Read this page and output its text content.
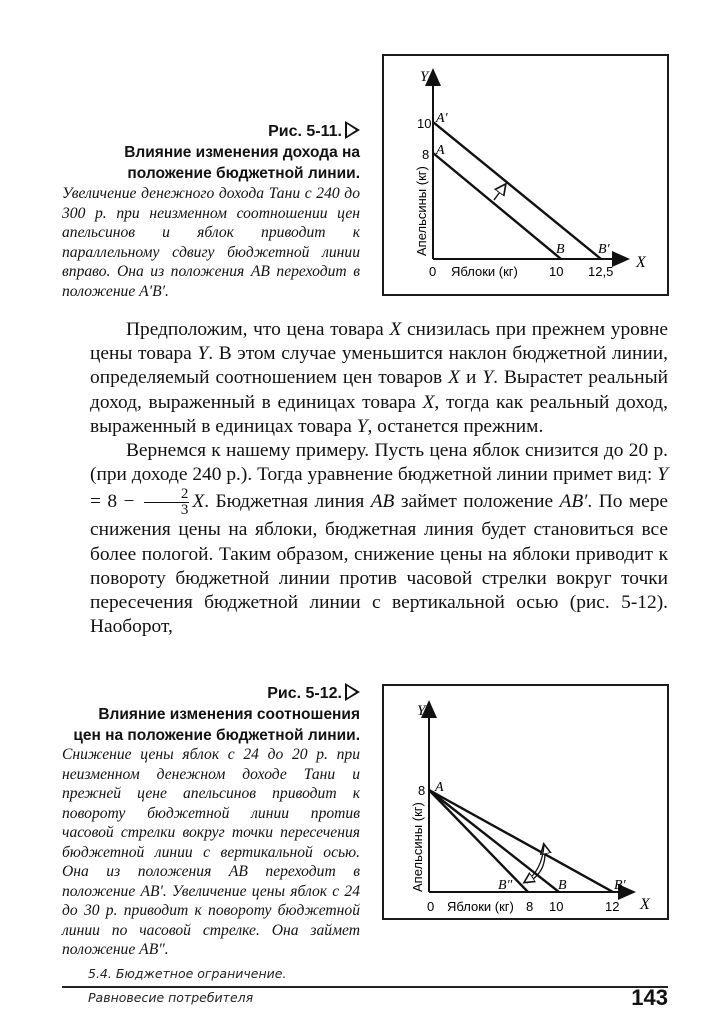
Рис. 5-11.
Влияние изменения дохода на
положение бюджетной линии.
Увеличение денежного дохода Тани с 240 до 300 р. при неизменном соотношении цен апельсинов и яблок приводит к параллельному сдвигу бюджетной линии вправо. Она из положения AB переходит в положение A′B′.
Y
X
10
8
A′
A
B B′
0 Яблоки (кг) 10 12,5
Апельсины (кг)

Предположим, что цена товара X снизилась при прежнем уровне цены товара Y. В этом случае уменьшится наклон бюджетной линии, определяемый соотношением цен товаров X и Y. Вырастет реальный доход, выраженный в единицах товара X, тогда как реальный доход, выраженный в единицах товара Y, останется прежним.

Вернемся к нашему примеру. Пусть цена яблок снизится до 20 р. (при доходе 240 р.). Тогда уравнение бюджетной линии примет вид: $Y = 8 - \frac{2}{3} X$. Бюджетная линия AB займет положение AB′. По мере снижения цены на яблоки, бюджетная линия будет становиться все более пологой. Таким образом, снижение цены на яблоки приводит к повороту бюджетной линии против часовой стрелки вокруг точки пересечения бюджетной линии с вертикальной осью (рис. 5-12). Наоборот,

Рис. 5-12.
Влияние изменения соотношения
цен на положение бюджетной линии.
Снижение цены яблок с 24 до 20 р. при неизменном денежном доходе Тани и прежней цене апельсинов приводит к повороту бюджетной линии против часовой стрелки вокруг точки пересечения бюджетной линии с вертикальной осью. Она из положения AB переходит в положение AB′. Увеличение цены яблок с 24 до 30 р. приводит к повороту бюджетной линии по часовой стрелке. Она займет положение AB″.
Y
X
8 A
B″	B	B′
0 Яблоки (кг) 8 10	12
Апельсины (кг)
5.4. Бюджетное ограничение.
Равновесие потребителя	143
